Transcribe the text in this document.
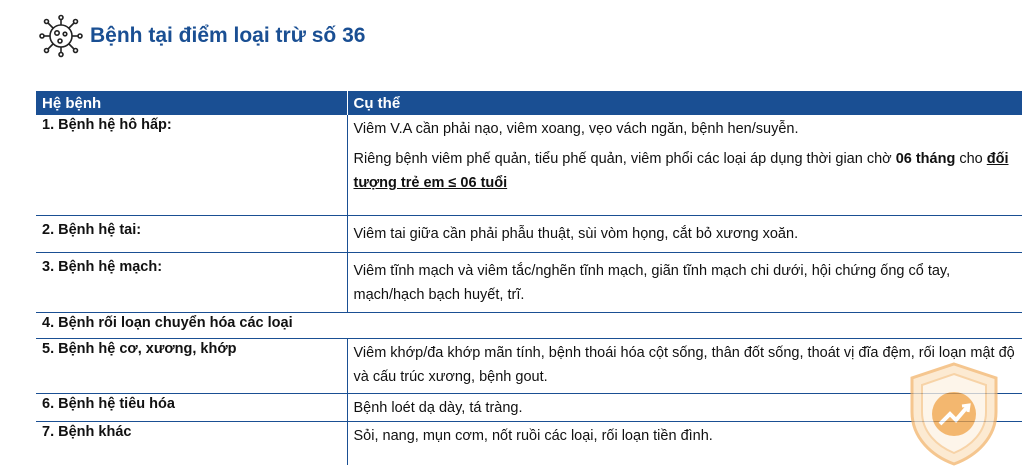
Bệnh tại điểm loại trừ số 36
Hệ bệnh	Cụ thể
1. Bệnh hệ hô hấp:	Viêm V.A cần phải nạo, viêm xoang, vẹo vách ngăn, bệnh hen/suyễn.

Riêng bệnh viêm phế quản, tiểu phế quản, viêm phổi các loại áp dụng thời gian chờ 06 tháng cho đối tượng trẻ em ≤ 06 tuổi

2. Bệnh hệ tai:	Viêm tai giữa cần phải phẫu thuật, sùi vòm họng, cắt bỏ xương xoăn.

3. Bệnh hệ mạch:	Viêm tĩnh mạch và viêm tắc/nghẽn tĩnh mạch, giãn tĩnh mạch chi dưới, hội chứng ống cổ tay, mạch/hạch bạch huyết, trĩ.

4. Bệnh rối loạn chuyển hóa các loại	
5. Bệnh hệ cơ, xương, khớp	Viêm khớp/đa khớp mãn tính, bệnh thoái hóa cột sống, thân đốt sống, thoát vị đĩa đệm, rối loạn mật độ và cấu trúc xương, bệnh gout.

6. Bệnh hệ tiêu hóa	Bệnh loét dạ dày, tá tràng.

7. Bệnh khác	Sỏi, nang, mụn cơm, nốt ruồi các loại, rối loạn tiền đình.
